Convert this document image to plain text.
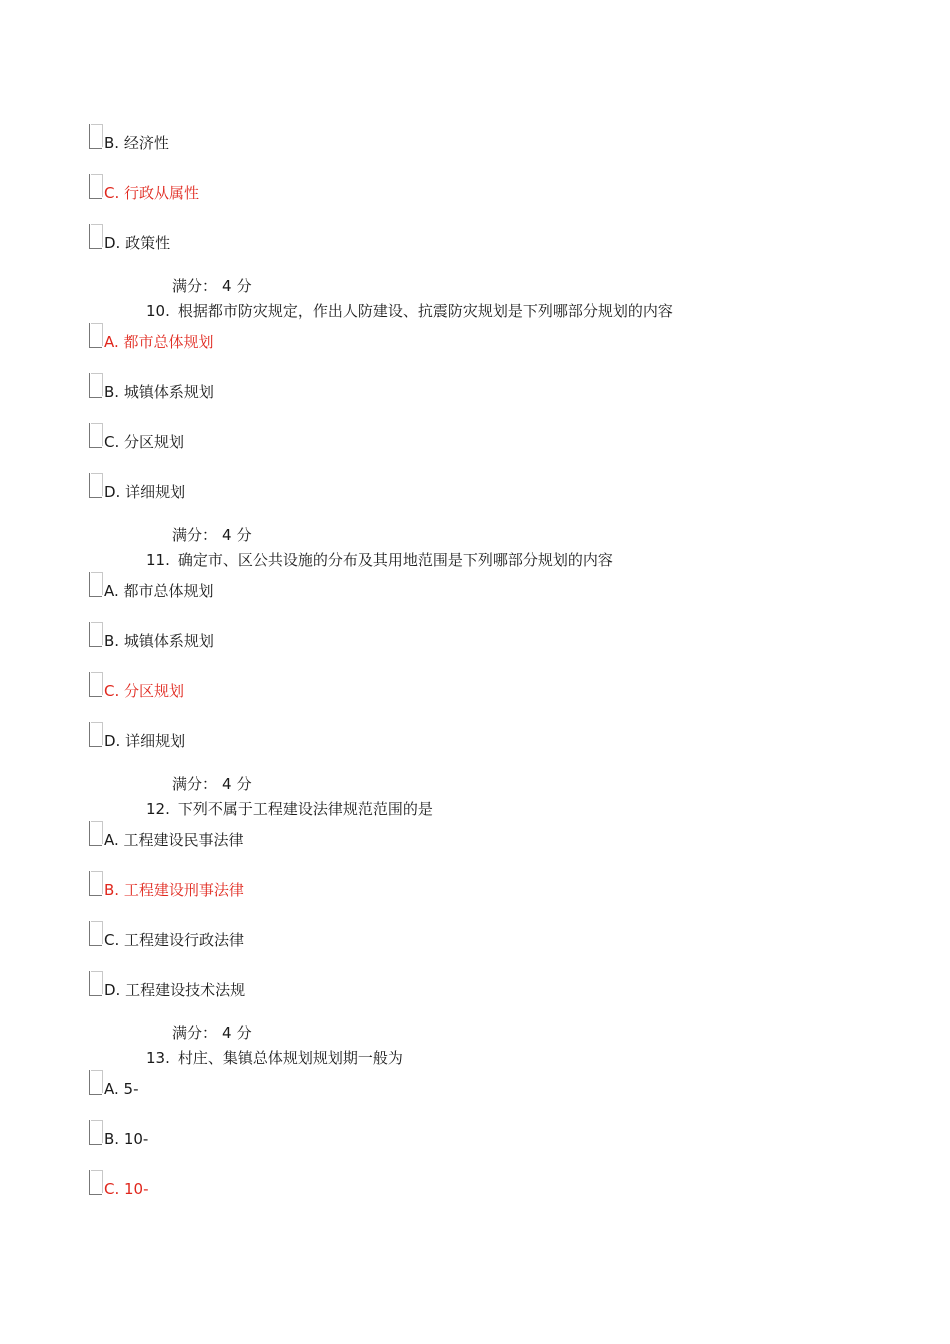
B. 经济性
C. 行政从属性
D. 政策性
满分： 4 分
10. 根据都市防灾规定，作出人防建设、抗震防灾规划是下列哪部分规划的内容
A. 都市总体规划
B. 城镇体系规划
C. 分区规划
D. 详细规划
满分： 4 分
11. 确定市、区公共设施的分布及其用地范围是下列哪部分规划的内容
A. 都市总体规划
B. 城镇体系规划
C. 分区规划
D. 详细规划
满分： 4 分
12. 下列不属于工程建设法律规范范围的是
A. 工程建设民事法律
B. 工程建设刑事法律
C. 工程建设行政法律
D. 工程建设技术法规
满分： 4 分
13. 村庄、集镇总体规划规划期一般为
A. 5-
B. 10-
C. 10-
